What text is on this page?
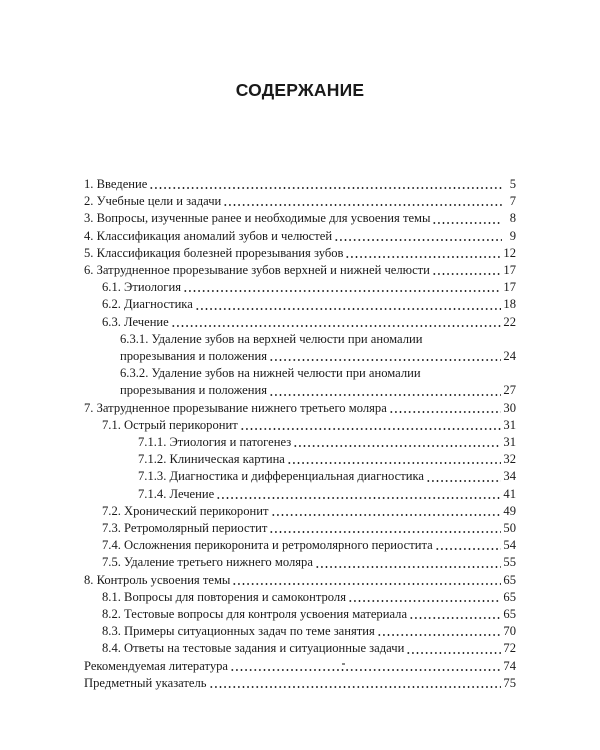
СОДЕРЖАНИЕ
1. Введение	5
2. Учебные цели и задачи	7
3. Вопросы, изученные ранее и необходимые для усвоения темы	8
4. Классификация аномалий зубов и челюстей	9
5. Классификация болезней прорезывания зубов	12
6. Затрудненное прорезывание зубов верхней и нижней челюсти	17
6.1. Этиология	17
6.2. Диагностика	18
6.3. Лечение	22
6.3.1. Удаление зубов на верхней челюсти при аномалии
прорезывания и положения	24
6.3.2. Удаление зубов на нижней челюсти при аномалии
прорезывания и положения	27
7. Затрудненное прорезывание нижнего третьего моляра	30
7.1. Острый перикоронит	31
7.1.1. Этиология и патогенез	31
7.1.2. Клиническая картина	32
7.1.3. Диагностика и дифференциальная диагностика	34
7.1.4. Лечение	41
7.2. Хронический перикоронит	49
7.3. Ретромолярный периостит	50
7.4. Осложнения перикоронита и ретромолярного периостита	54
7.5. Удаление третьего нижнего моляра	55
8. Контроль усвоения темы	65
8.1. Вопросы для повторения и самоконтроля	65
8.2. Тестовые вопросы для контроля усвоения материала	65
8.3. Примеры ситуационных задач по теме занятия	70
8.4. Ответы на тестовые задания и ситуационные задачи	72
Рекомендуемая литература	74
Предметный указатель	75
